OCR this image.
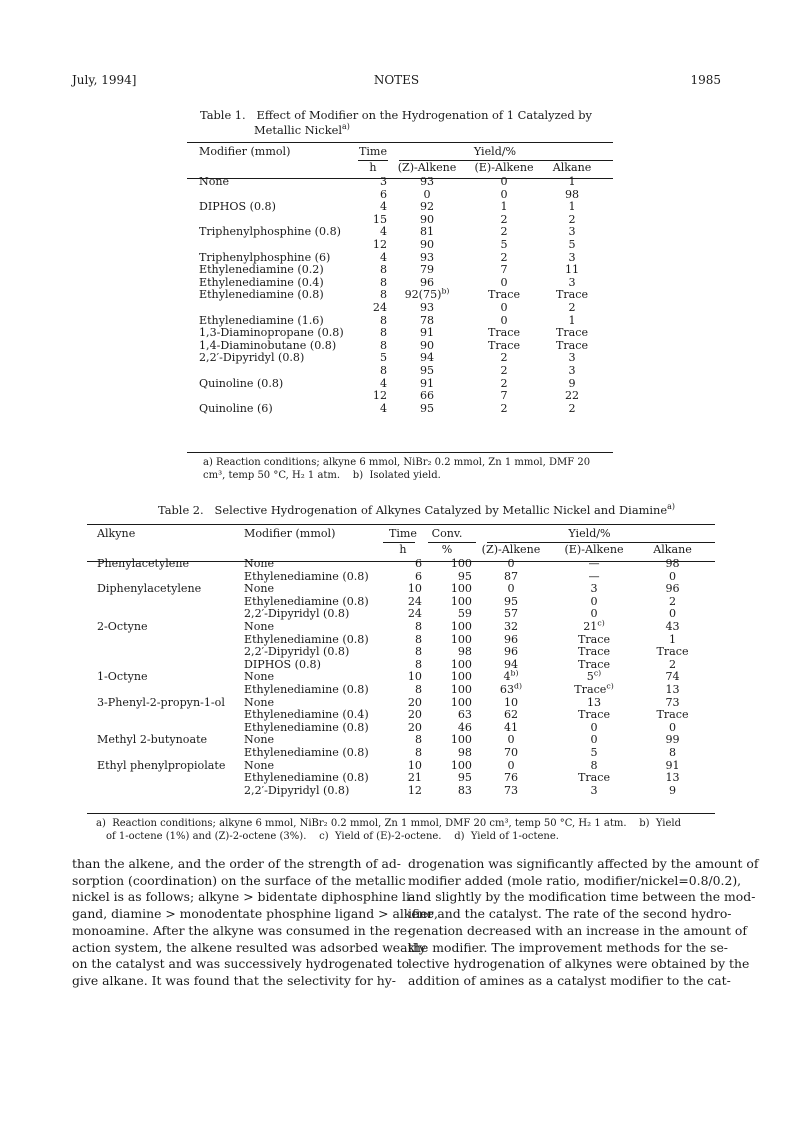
July, 1994]	NOTES	1985
Table 1.   Effect of Modifier on the Hydrogenation of 1 Catalyzed by
Metallic Nickel$^{a)}$
Modifier (mmol)	Time	Yield/%		
	h	(Z)-Alkene	(E)-Alkene	Alkane
None	3	93	0	1
	6	0	0	98
DIPHOS (0.8)	4	92	1	1
	15	90	2	2
Triphenylphosphine (0.8)	4	81	2	3
	12	90	5	5
Triphenylphosphine (6)	4	93	2	3
Ethylenediamine (0.2)	8	79	7	11
Ethylenediamine (0.4)	8	96	0	3
Ethylenediamine (0.8)	8	$92(75)^{b)}$	Trace	Trace
	24	93	0	2
Ethylenediamine (1.6)	8	78	0	1
1,3-Diaminopropane (0.8)	8	91	Trace	Trace
1,4-Diaminobutane (0.8)	8	90	Trace	Trace
2,2′-Dipyridyl (0.8)	5	94	2	3
	8	95	2	3
Quinoline (0.8)	4	91	2	9
	12	66	7	22
Quinoline (6)	4	95	2	2
a) Reaction conditions; alkyne 6 mmol, NiBr₂ 0.2 mmol, Zn 1 mmol, DMF 20
cm³, temp 50 °C, H₂ 1 atm.    b)  Isolated yield.
Table 2.   Selective Hydrogenation of Alkynes Catalyzed by Metallic Nickel and Diamine$^{a)}$
Alkyne	Modifier (mmol)	Time	Conv.	Yield/%		
		h	%	(Z)-Alkene	(E)-Alkene	Alkane
Phenylacetylene	None	6	100	0	—	98
	Ethylenediamine (0.8)	6	95	87	—	0
Diphenylacetylene	None	10	100	0	3	96
	Ethylenediamine (0.8)	24	100	95	0	2
	2,2′-Dipyridyl (0.8)	24	59	57	0	0
2-Octyne	None	8	100	32	21$^{c)}$	43
	Ethylenediamine (0.8)	8	100	96	Trace	1
	2,2′-Dipyridyl (0.8)	8	98	96	Trace	Trace
	DIPHOS (0.8)	8	100	94	Trace	2
1-Octyne	None	10	100	4$^{b)}$	5$^{c)}$	74
	Ethylenediamine (0.8)	8	100	63$^{d)}$	Trace$^{c)}$	13
3-Phenyl-2-propyn-1-ol	None	20	100	10	13	73
	Ethylenediamine (0.4)	20	63	62	Trace	Trace
	Ethylenediamine (0.8)	20	46	41	0	0
Methyl 2-butynoate	None	8	100	0	0	99
	Ethylenediamine (0.8)	8	98	70	5	8
Ethyl phenylpropiolate	None	10	100	0	8	91
	Ethylenediamine (0.8)	21	95	76	Trace	13
	2,2′-Dipyridyl (0.8)	12	83	73	3	9
a)  Reaction conditions; alkyne 6 mmol, NiBr₂ 0.2 mmol, Zn 1 mmol, DMF 20 cm³, temp 50 °C, H₂ 1 atm.    b)  Yield
of 1-octene (1%) and (Z)-2-octene (3%).    c)  Yield of (E)-2-octene.    d)  Yield of 1-octene.
than the alkene, and the order of the strength of ad-
sorption (coordination) on the surface of the metallic
nickel is as follows; alkyne > bidentate diphosphine li-
gand, diamine > monodentate phosphine ligand > alkene,
monoamine. After the alkyne was consumed in the re-
action system, the alkene resulted was adsorbed weakly
on the catalyst and was successively hydrogenated to
give alkane. It was found that the selectivity for hy-
drogenation was significantly affected by the amount of
modifier added (mole ratio, modifier/nickel=0.8/0.2),
and slightly by the modification time between the mod-
ifier and the catalyst. The rate of the second hydro-
genation decreased with an increase in the amount of
the modifier. The improvement methods for the se-
lective hydrogenation of alkynes were obtained by the
addition of amines as a catalyst modifier to the cat-
